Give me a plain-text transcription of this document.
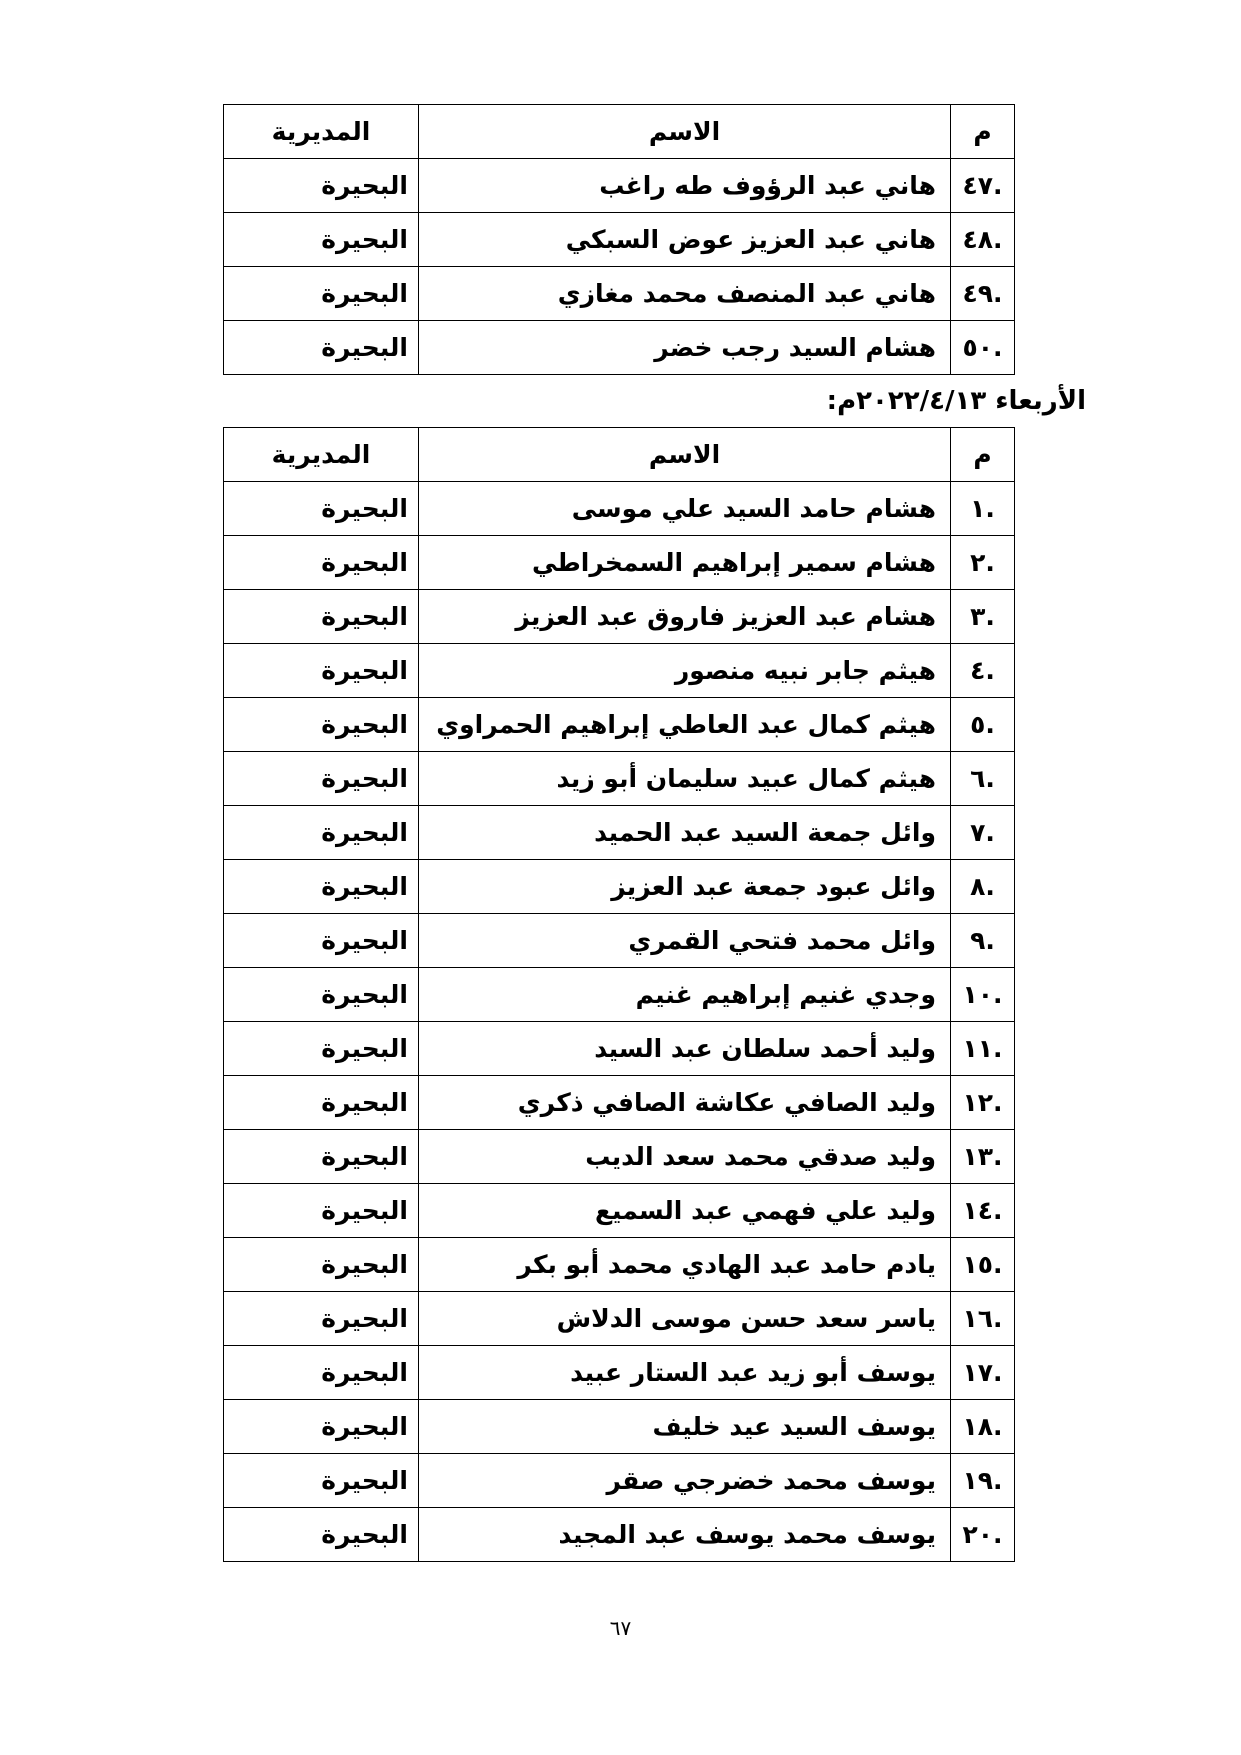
م	الاسم	المديرية
.٤٧	هاني عبد الرؤوف طه راغب	البحيرة
.٤٨	هاني عبد العزيز عوض السبكي	البحيرة
.٤٩	هاني عبد المنصف محمد مغازي	البحيرة
.٥٠	هشام السيد رجب خضر	البحيرة
الأربعاء ٢٠٢٢/٤/١٣م:
م	الاسم	المديرية
.١	هشام حامد السيد علي موسى	البحيرة
.٢	هشام سمير إبراهيم السمخراطي	البحيرة
.٣	هشام عبد العزيز فاروق عبد العزيز	البحيرة
.٤	هيثم جابر نبيه منصور	البحيرة
.٥	هيثم كمال عبد العاطي إبراهيم الحمراوي	البحيرة
.٦	هيثم كمال عبيد سليمان أبو زيد	البحيرة
.٧	وائل جمعة السيد عبد الحميد	البحيرة
.٨	وائل عبود جمعة عبد العزيز	البحيرة
.٩	وائل محمد فتحي القمري	البحيرة
.١٠	وجدي غنيم إبراهيم غنيم	البحيرة
.١١	وليد أحمد سلطان عبد السيد	البحيرة
.١٢	وليد الصافي عكاشة الصافي ذكري	البحيرة
.١٣	وليد صدقي محمد سعد الديب	البحيرة
.١٤	وليد علي فهمي عبد السميع	البحيرة
.١٥	يادم حامد عبد الهادي محمد أبو بكر	البحيرة
.١٦	ياسر سعد حسن موسى الدلاش	البحيرة
.١٧	يوسف أبو زيد عبد الستار عبيد	البحيرة
.١٨	يوسف السيد عيد خليف	البحيرة
.١٩	يوسف محمد خضرجي صقر	البحيرة
.٢٠	يوسف محمد يوسف عبد المجيد	البحيرة
٦٧
